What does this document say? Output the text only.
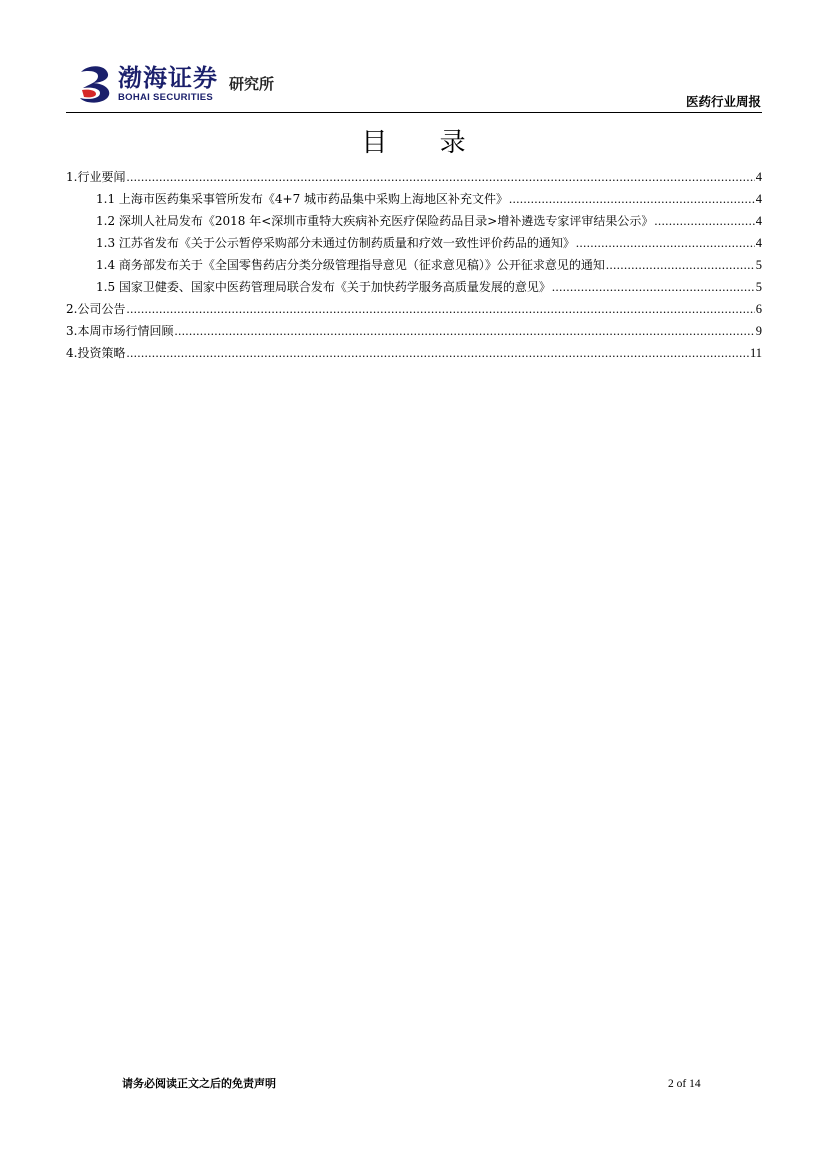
渤海证券
BOHAI SECURITIES
研究所
医药行业周报
目 录
1.行业要闻 .....	4
1.1 上海市医药集采事管所发布《4+7 城市药品集中采购上海地区补充文件》 .....	4
1.2 深圳人社局发布《2018 年<深圳市重特大疾病补充医疗保险药品目录>增补遴选专家评审结果公示》 .....	4
1.3 江苏省发布《关于公示暂停采购部分未通过仿制药质量和疗效一致性评价药品的通知》 .....	4
1.4 商务部发布关于《全国零售药店分类分级管理指导意见（征求意见稿）》公开征求意见的通知 .....	5
1.5 国家卫健委、国家中医药管理局联合发布《关于加快药学服务高质量发展的意见》 .....	5
2.公司公告 .....	6
3.本周市场行情回顾 .....	9
4.投资策略 .....	11
请务必阅读正文之后的免责声明	2 of 14
